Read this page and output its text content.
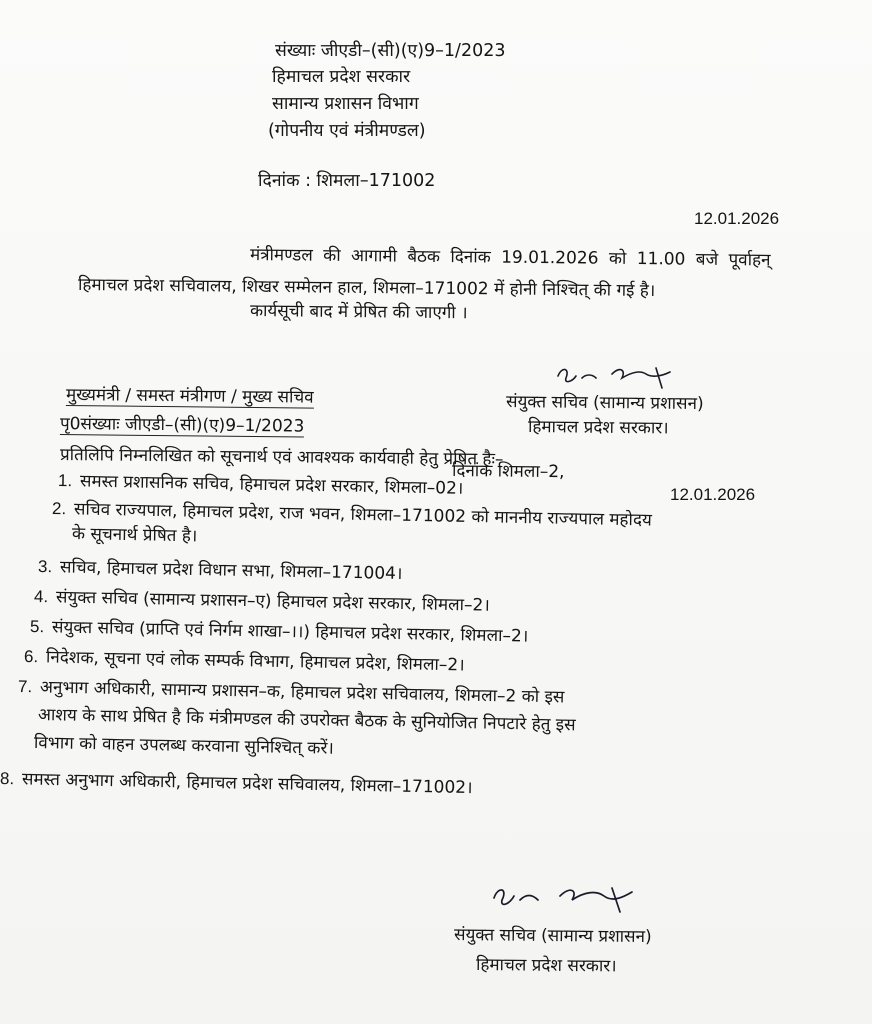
संख्याः जीएडी–(सी)(ए)9–1/2023
हिमाचल प्रदेश सरकार
सामान्य प्रशासन विभाग
(गोपनीय एवं मंत्रीमण्डल)
दिनांक : शिमला–171002
12.01.2026
मंत्रीमण्डल की आगामी बैठक दिनांक 19.01.2026 को 11.00 बजे पूर्वाहन्
हिमाचल प्रदेश सचिवालय, शिखर सम्मेलन हाल, शिमला–171002 में होनी निश्चित् की गई है।
कार्यसूची बाद में प्रेषित की जाएगी ।
संयुक्त सचिव (सामान्य प्रशासन)
हिमाचल प्रदेश सरकार।
मुख्यमंत्री / समस्त मंत्रीगण / मुख्य सचिव
पृ0संख्याः जीएडी–(सी)(ए)9–1/2023
दिनांक शिमला–2,
12.01.2026
प्रतिलिपि निम्नलिखित को सूचनार्थ एवं आवश्यक कार्यवाही हेतु प्रेषित हैः–
1. समस्त प्रशासनिक सचिव, हिमाचल प्रदेश सरकार, शिमला–02।
2. सचिव राज्यपाल, हिमाचल प्रदेश, राज भवन, शिमला–171002 को माननीय राज्यपाल महोदय
के सूचनार्थ प्रेषित है।
3. सचिव, हिमाचल प्रदेश विधान सभा, शिमला–171004।
4. संयुक्त सचिव (सामान्य प्रशासन–ए) हिमाचल प्रदेश सरकार, शिमला–2।
5. संयुक्त सचिव (प्राप्ति एवं निर्गम शाखा–।।) हिमाचल प्रदेश सरकार, शिमला–2।
6. निदेशक, सूचना एवं लोक सम्पर्क विभाग, हिमाचल प्रदेश, शिमला–2।
7. अनुभाग अधिकारी, सामान्य प्रशासन–क, हिमाचल प्रदेश सचिवालय, शिमला–2 को इस
आशय के साथ प्रेषित है कि मंत्रीमण्डल की उपरोक्त बैठक के सुनियोजित निपटारे हेतु इस
विभाग को वाहन उपलब्ध करवाना सुनिश्चित् करें।
8. समस्त अनुभाग अधिकारी, हिमाचल प्रदेश सचिवालय, शिमला–171002।
संयुक्त सचिव (सामान्य प्रशासन)
हिमाचल प्रदेश सरकार।
